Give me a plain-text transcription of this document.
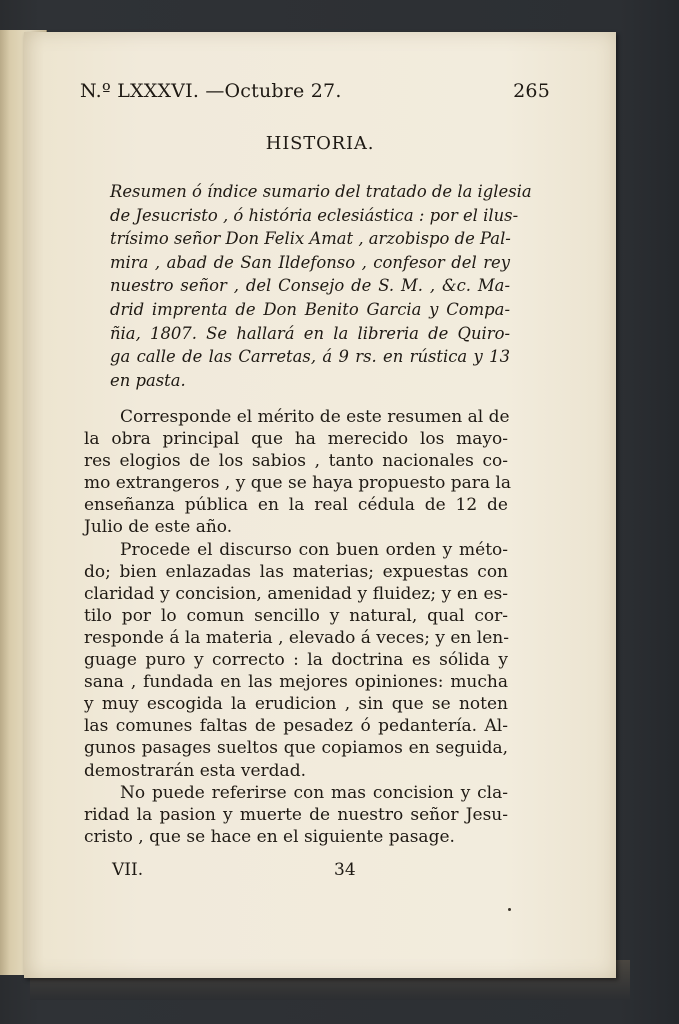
N.º LXXXVI. —Octubre 27.	265
HISTORIA.
Resumen ó índice sumario del tratado de la iglesia
de Jesucristo , ó história eclesiástica : por el ilus-
trísimo señor Don Felix Amat , arzobispo de Pal-
mira , abad de San Ildefonso , confesor del rey
nuestro señor , del Consejo de S. M. , &c. Ma-
drid imprenta de Don Benito Garcia y Compa-
ñia, 1807. Se hallará en la libreria de Quiro-
ga calle de las Carretas, á 9 rs. en rústica y 13
en pasta.
Corresponde el mérito de este resumen al de
la obra principal que ha merecido los mayo-
res elogios de los sabios , tanto nacionales co-
mo extrangeros , y que se haya propuesto para la
enseñanza pública en la real cédula de 12 de
Julio de este año.
Procede el discurso con buen orden y méto-
do; bien enlazadas las materias; expuestas con
claridad y concision, amenidad y fluidez; y en es-
tilo por lo comun sencillo y natural, qual cor-
responde á la materia , elevado á veces; y en len-
guage puro y correcto : la doctrina es sólida y
sana , fundada en las mejores opiniones: mucha
y muy escogida la erudicion , sin que se noten
las comunes faltas de pesadez ó pedantería. Al-
gunos pasages sueltos que copiamos en seguida,
demostrarán esta verdad.
No puede referirse con mas concision y cla-
ridad la pasion y muerte de nuestro señor Jesu-
cristo , que se hace en el siguiente pasage.
VII.	34
